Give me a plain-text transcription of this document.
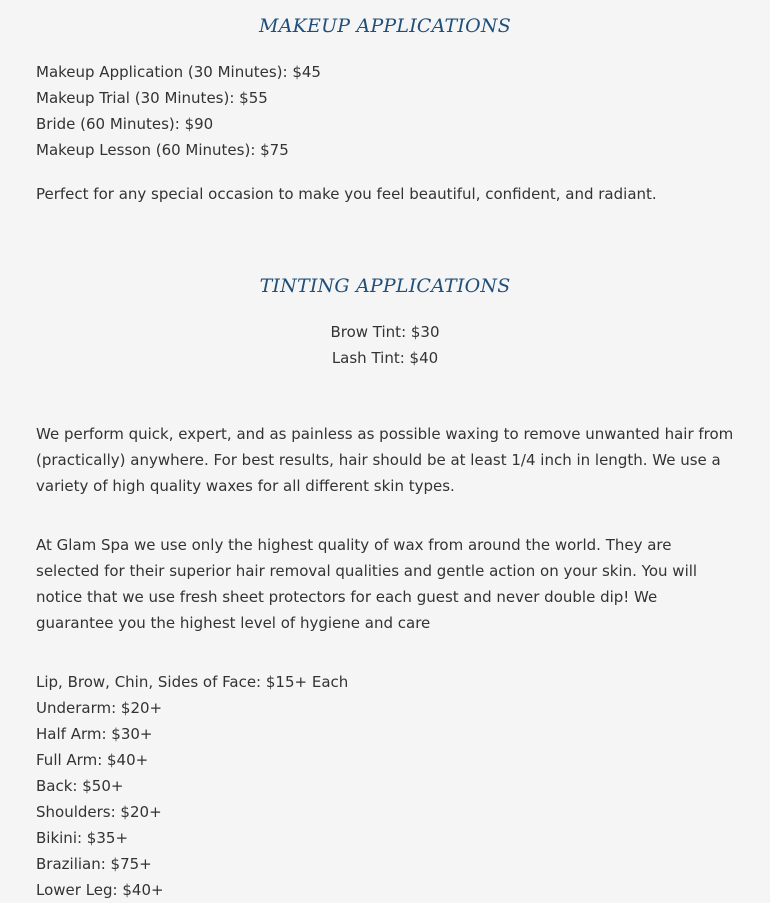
MAKEUP APPLICATIONS
Makeup Application (30 Minutes): $45
Makeup Trial (30 Minutes): $55
Bride (60 Minutes): $90
Makeup Lesson (60 Minutes): $75

Perfect for any special occasion to make you feel beautiful, confident, and radiant.

TINTING APPLICATIONS
Brow Tint: $30
Lash Tint: $40

We perform quick, expert, and as painless as possible waxing to remove unwanted hair from (practically) anywhere. For best results, hair should be at least 1/4 inch in length. We use a variety of high quality waxes for all different skin types.

At Glam Spa we use only the highest quality of wax from around the world. They are selected for their superior hair removal qualities and gentle action on your skin. You will notice that we use fresh sheet protectors for each guest and never double dip! We guarantee you the highest level of hygiene and care

Lip, Brow, Chin, Sides of Face: $15+ Each
Underarm: $20+
Half Arm: $30+
Full Arm: $40+
Back: $50+
Shoulders: $20+
Bikini: $35+
Brazilian: $75+
Lower Leg: $40+
